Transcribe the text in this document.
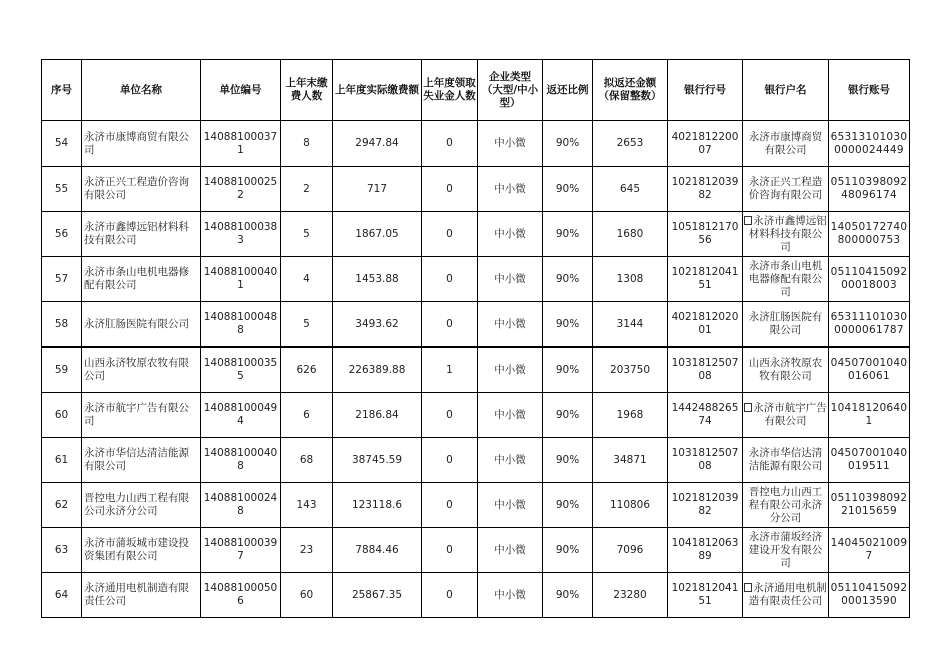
序号	单位名称	单位编号	上年末缴费人数	上年度实际缴费额	上年度领取失业金人数	企业类型（大型/中小型）	返还比例	拟返还金额（保留整数）	银行行号	银行户名	银行账号
54	永济市康博商贸有限公司	140881000371	8	2947.84	0	中小微	90%	2653	402181220007	永济市康博商贸有限公司	653131010300000024449
55	永济正兴工程造价咨询有限公司	140881000252	2	717	0	中小微	90%	645	102181203982	永济正兴工程造价咨询有限公司	0511039809248096174
56	永济市鑫博远铝材料科技有限公司	140881000383	5	1867.05	0	中小微	90%	1680	105181217056	永济市鑫博远铝材料科技有限公司	14050172740800000753
57	永济市条山电机电器修配有限公司	140881000401	4	1453.88	0	中小微	90%	1308	102181204151	永济市条山电机电器修配有限公司	0511041509200018003
58	永济肛肠医院有限公司	140881000488	5	3493.62	0	中小微	90%	3144	402181202001	永济肛肠医院有限公司	653111010300000061787
59	山西永济牧原农牧有限公司	140881000355	626	226389.88	1	中小微	90%	203750	103181250708	山西永济牧原农牧有限公司	04507001040016061
60	永济市航宇广告有限公司	140881000494	6	2186.84	0	中小微	90%	1968	144248826574	永济市航宇广告有限公司	104181206401
61	永济市华信达清洁能源有限公司	140881000408	68	38745.59	0	中小微	90%	34871	103181250708	永济市华信达清洁能源有限公司	04507001040019511
62	晋控电力山西工程有限公司永济分公司	140881000248	143	123118.6	0	中小微	90%	110806	102181203982	晋控电力山西工程有限公司永济分公司	0511039809221015659
63	永济市蒲坂城市建设投资集团有限公司	140881000397	23	7884.46	0	中小微	90%	7096	104181206389	永济市蒲坂经济建设开发有限公司	140450210097
64	永济通用电机制造有限责任公司	140881000506	60	25867.35	0	中小微	90%	23280	102181204151	永济通用电机制造有限责任公司	0511041509200013590
